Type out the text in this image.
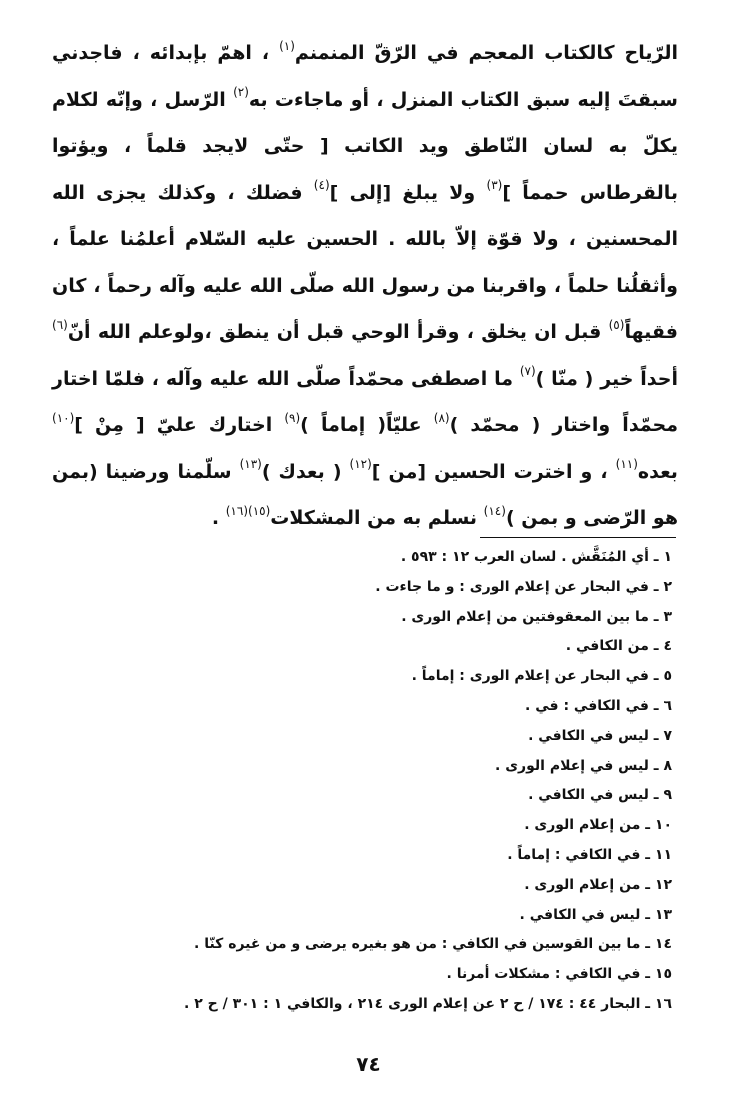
الرّياح كالكتاب المعجم في الرّقّ المنمنم$^{(١)}$ ، اهمّ بإبدائه ، فاجدني سبقتَ إليه سبق الكتاب المنزل ، أو ماجاءت به$^{(٢)}$ الرّسل ، وإنّه لكلام يكلّ به لسان النّاطق ويد الكاتب [ حتّى لايجد قلماً ، ويؤتوا بالقرطاس حمماً ]$^{(٣)}$ ولا يبلغ [إلى ]$^{(٤)}$ فضلك ، وكذلك يجزى الله المحسنين ، ولا قوّة إلاّ بالله . الحسين عليه السّلام أعلمُنا علماً ، وأثقلُنا حلماً ، واقربنا من رسول الله صلّى الله عليه وآله رحماً ، كان فقيهاً$^{(٥)}$ قبل ان يخلق ، وقرأ الوحي قبل أن ينطق ،ولوعلم الله أنّ$^{(٦)}$ أحداً خير ( منّا )$^{(٧)}$ ما اصطفى محمّداً صلّى الله عليه وآله ، فلمّا اختار محمّداً واختار ( محمّد )$^{(٨)}$ عليّاً( إماماً )$^{(٩)}$ اختارك عليّ [ مِنْ ]$^{(١٠)}$ بعده$^{(١١)}$ ، و اخترت الحسين [من ]$^{(١٢)}$ ( بعدك )$^{(١٣)}$ سلّمنا ورضينا (بمن هو الرّضى و بمن )$^{(١٤)}$ نسلم به من المشكلات$^{(١٥)(١٦)}$ .
١ ـ أي المُنَقَّش . لسان العرب ١٢ : ٥٩٣ .
٢ ـ في البحار عن إعلام الورى : و ما جاءت .
٣ ـ ما بين المعقوفتين من إعلام الورى .
٤ ـ من الكافي .
٥ ـ في البحار عن إعلام الورى : إماماً .
٦ ـ في الكافي : في .
٧ ـ ليس في الكافي .
٨ ـ ليس في إعلام الورى .
٩ ـ ليس في الكافي .
١٠ ـ من إعلام الورى .
١١ ـ في الكافي : إماماً .
١٢ ـ من إعلام الورى .
١٣ ـ ليس في الكافي .
١٤ ـ ما بين القوسين في الكافي : من هو بغيره يرضى و من غيره كنّا .
١٥ ـ في الكافي : مشكلات أمرنا .
١٦ ـ البحار ٤٤ : ١٧٤ / ح ٢ عن إعلام الورى ٢١٤ ، والكافي ١ : ٣٠١ / ح ٢ .
٧٤
